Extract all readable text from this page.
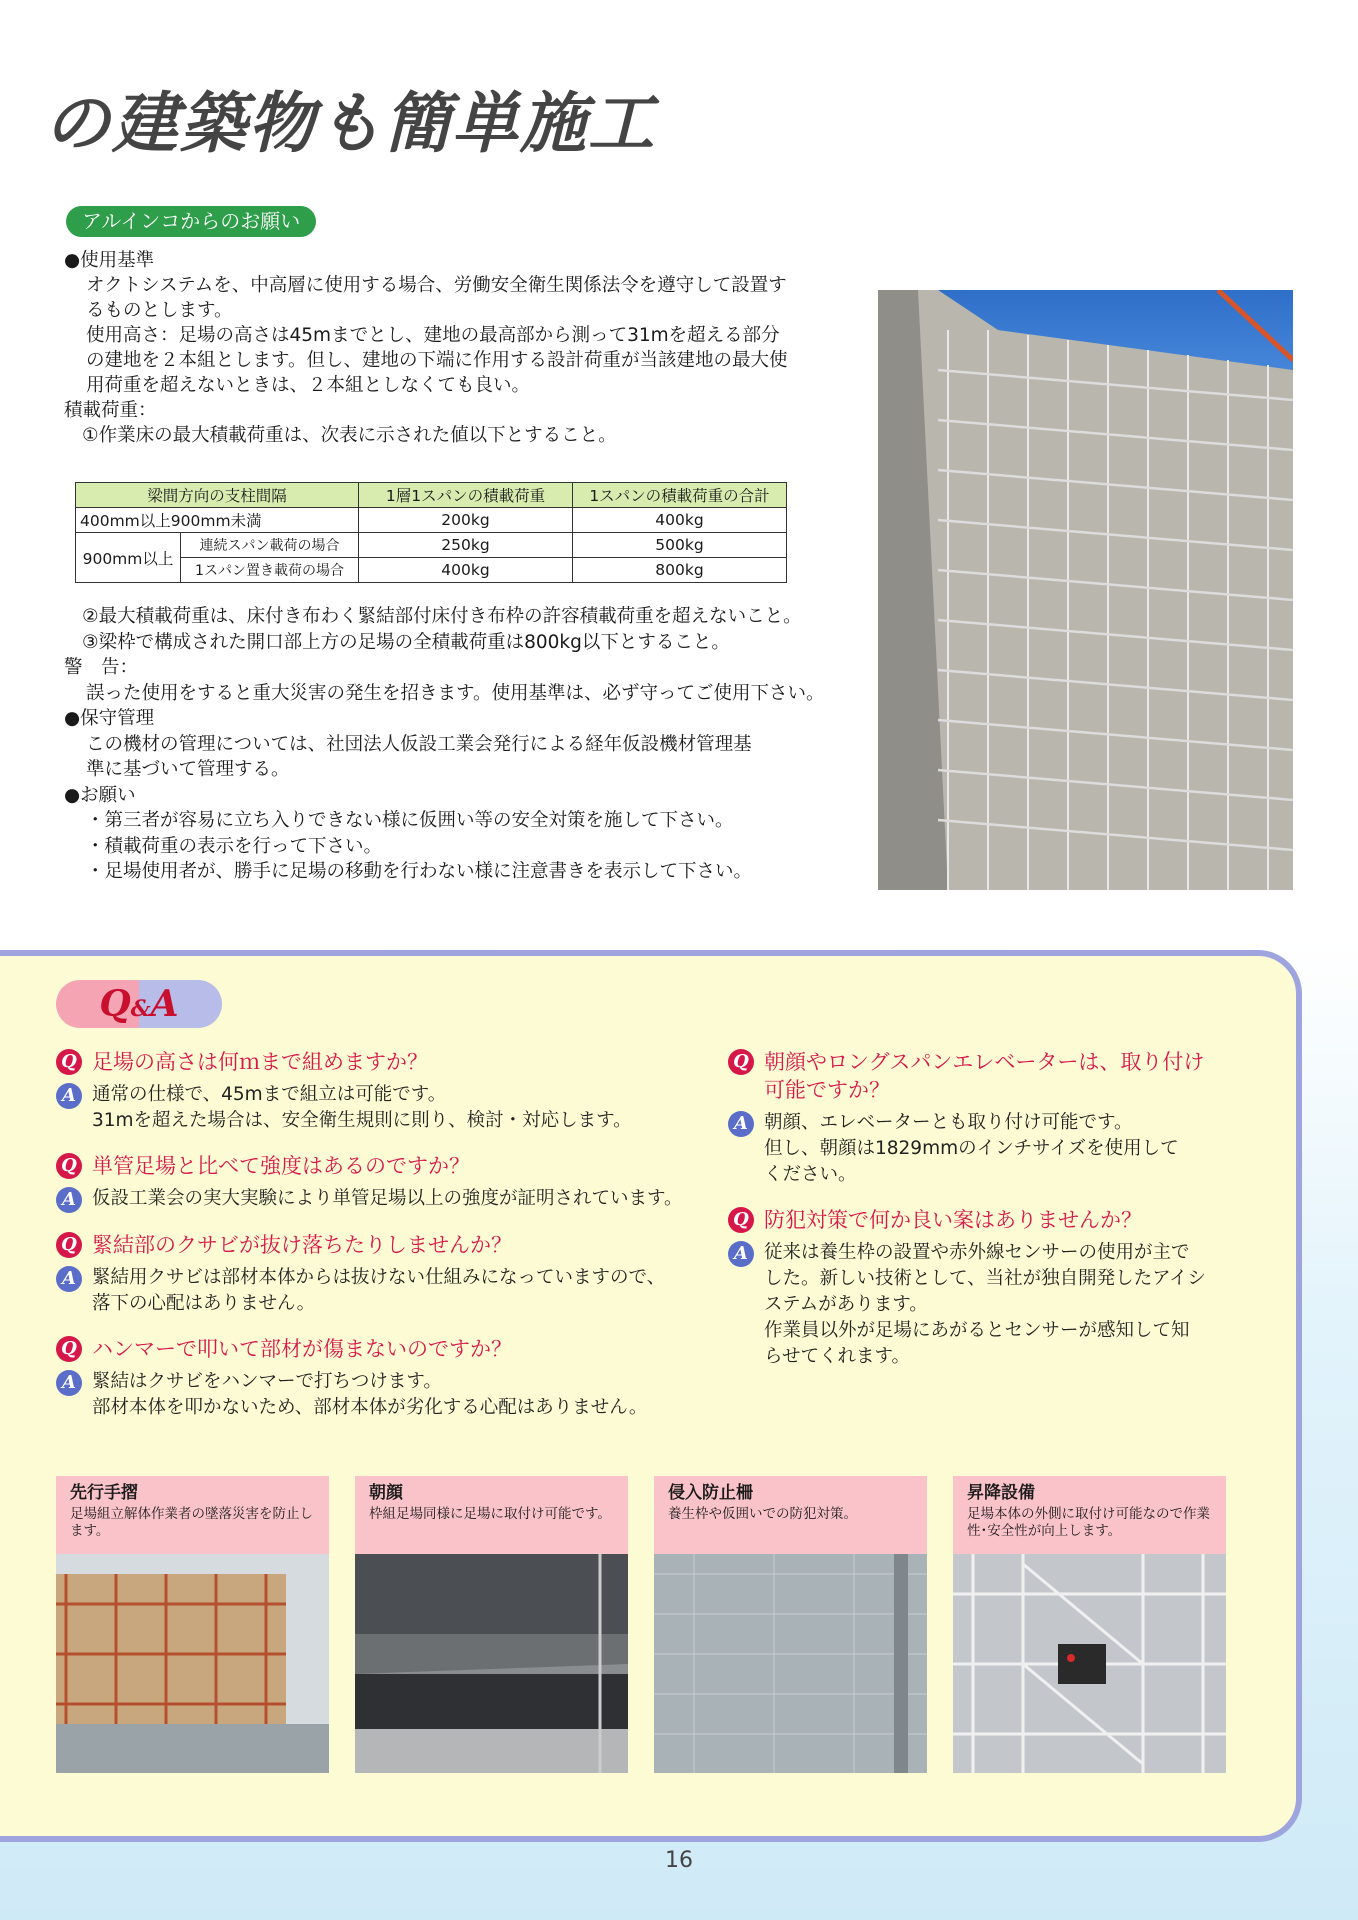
の建築物も簡単施工
アルインコからのお願い

●使用基準

オクトシステムを、中高層に使用する場合、労働安全衛生関係法令を遵守して設置す

るものとします。

使用高さ：足場の高さは45mまでとし、建地の最高部から測って31mを超える部分

の建地を２本組とします。但し、建地の下端に作用する設計荷重が当該建地の最大使

用荷重を超えないときは、２本組としなくても良い。

積載荷重：

①作業床の最大積載荷重は、次表に示された値以下とすること。

梁間方向の支柱間隔		1層1スパンの積載荷重	1スパンの積載荷重の合計
400mm以上900mm未満		200kg	400kg
900mm以上	連続スパン載荷の場合	250kg	500kg
	1スパン置き載荷の場合	400kg	800kg

②最大積載荷重は、床付き布わく緊結部付床付き布枠の許容積載荷重を超えないこと。

③梁枠で構成された開口部上方の足場の全積載荷重は800kg以下とすること。

警　告：

誤った使用をすると重大災害の発生を招きます。使用基準は、必ず守ってご使用下さい。

●保守管理

この機材の管理については、社団法人仮設工業会発行による経年仮設機材管理基

準に基づいて管理する。

●お願い

・第三者が容易に立ち入りできない様に仮囲い等の安全対策を施して下さい。

・積載荷重の表示を行って下さい。

・足場使用者が、勝手に足場の移動を行わない様に注意書きを表示して下さい。

Q&A
Q 足場の高さは何ｍまで組めますか？

A 通常の仕様で、45mまで組立は可能です。

31mを超えた場合は、安全衛生規則に則り、検討・対応します。

Q 単管足場と比べて強度はあるのですか？

A 仮設工業会の実大実験により単管足場以上の強度が証明されています。

Q 緊結部のクサビが抜け落ちたりしませんか？

A 緊結用クサビは部材本体からは抜けない仕組みになっていますので、

落下の心配はありません。

Q ハンマーで叩いて部材が傷まないのですか？

A 緊結はクサビをハンマーで打ちつけます。

部材本体を叩かないため、部材本体が劣化する心配はありません。

Q 朝顔やロングスパンエレベーターは、取り付け

可能ですか？

A 朝顔、エレベーターとも取り付け可能です。

但し、朝顔は1829mmのインチサイズを使用して

ください。

Q 防犯対策で何か良い案はありませんか？

A 従来は養生枠の設置や赤外線センサーの使用が主で

した。新しい技術として、当社が独自開発したアイシ

ステムがあります。

作業員以外が足場にあがるとセンサーが感知して知

らせてくれます。

先行手摺
足場組立解体作業者の墜落災害を防止します。
朝顔
枠組足場同様に足場に取付け可能です。
侵入防止柵
養生枠や仮囲いでの防犯対策。
昇降設備
足場本体の外側に取付け可能なので作業性･安全性が向上します。
16
